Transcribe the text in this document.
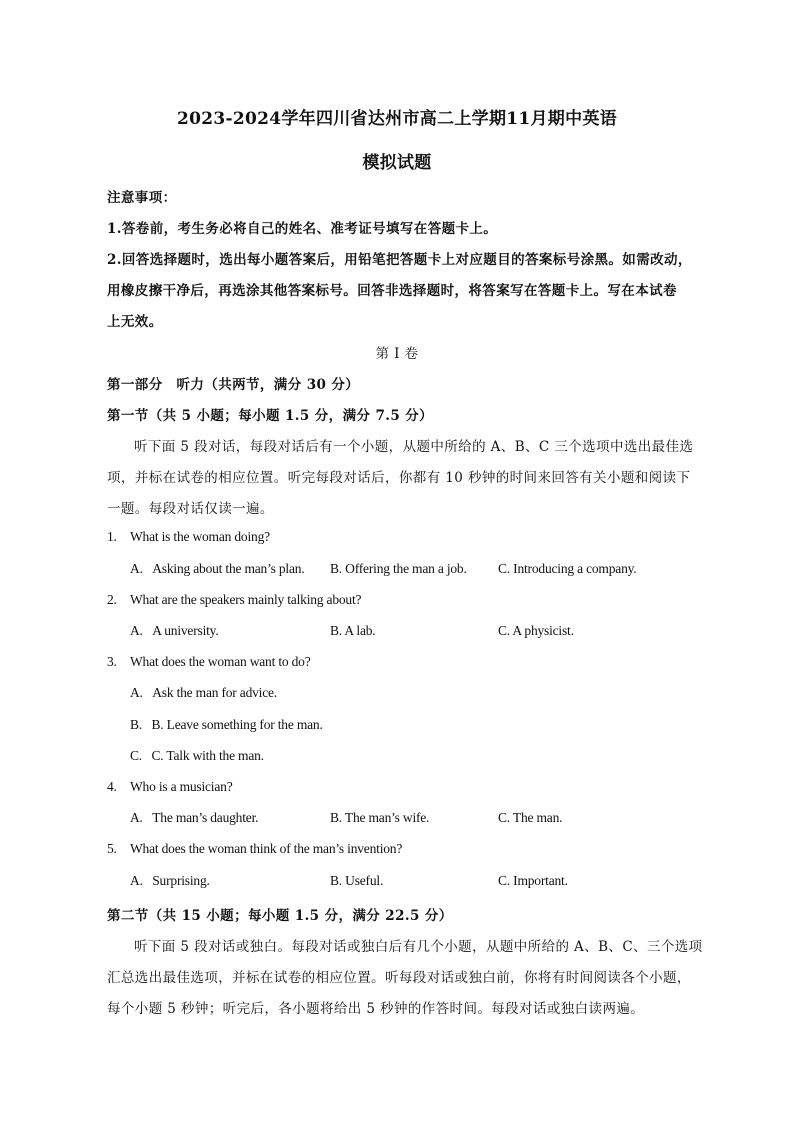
2023-2024学年四川省达州市高二上学期11月期中英语
模拟试题
注意事项：
1.答卷前，考生务必将自己的姓名、准考证号填写在答题卡上。
2.回答选择题时，选出每小题答案后，用铅笔把答题卡上对应题目的答案标号涂黑。如需改动，
用橡皮擦干净后，再选涂其他答案标号。回答非选择题时，将答案写在答题卡上。写在本试卷
上无效。
第 I 卷
第一部分　听力（共两节，满分 30 分）
第一节（共 5 小题；每小题 1.5 分，满分 7.5 分）
听下面 5 段对话，每段对话后有一个小题，从题中所给的 A、B、C 三个选项中选出最佳选
项，并标在试卷的相应位置。听完每段对话后，你都有 10 秒钟的时间来回答有关小题和阅读下
一题。每段对话仅读一遍。
1. What is the woman doing?
A.   Asking about the man’s plan. B. Offering the man a job. C. Introducing a company.
2. What are the speakers mainly talking about?
A.   A university.	B. A lab.	C. A physicist.
3. What does the woman want to do?
A.   Ask the man for advice.
B.   B. Leave something for the man.
C.   C. Talk with the man.
4. Who is a musician?
A.   The man’s daughter.	B. The man’s wife.	C. The man.
5. What does the woman think of the man’s invention?
A.   Surprising.	B. Useful.	C. Important.
第二节（共 15 小题；每小题 1.5 分，满分 22.5 分）
听下面 5 段对话或独白。每段对话或独白后有几个小题，从题中所给的 A、B、C、三个选项
汇总选出最佳选项，并标在试卷的相应位置。听每段对话或独白前，你将有时间阅读各个小题，
每个小题 5 秒钟；听完后，各小题将给出 5 秒钟的作答时间。每段对话或独白读两遍。
